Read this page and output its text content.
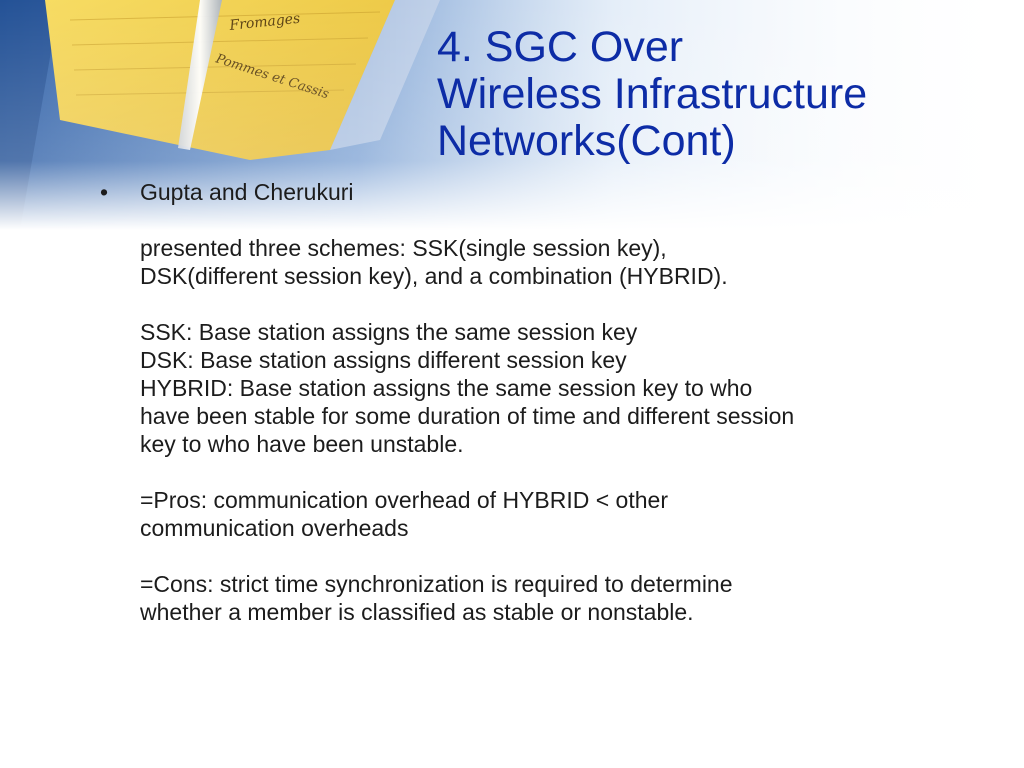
4. SGC Over
Wireless Infrastructure
Networks(Cont)
•	Gupta and Cherukuri

presented three schemes: SSK(single session key),
DSK(different session key), and a combination (HYBRID).

SSK: Base station assigns the same session key
DSK: Base station assigns different session key
HYBRID: Base station assigns the same session key to who
have been stable for some duration of time and different session
key to who have been unstable.

=Pros: communication overhead of HYBRID < other
communication overheads

=Cons: strict time synchronization is required to determine
whether a member is classified as stable or nonstable.
